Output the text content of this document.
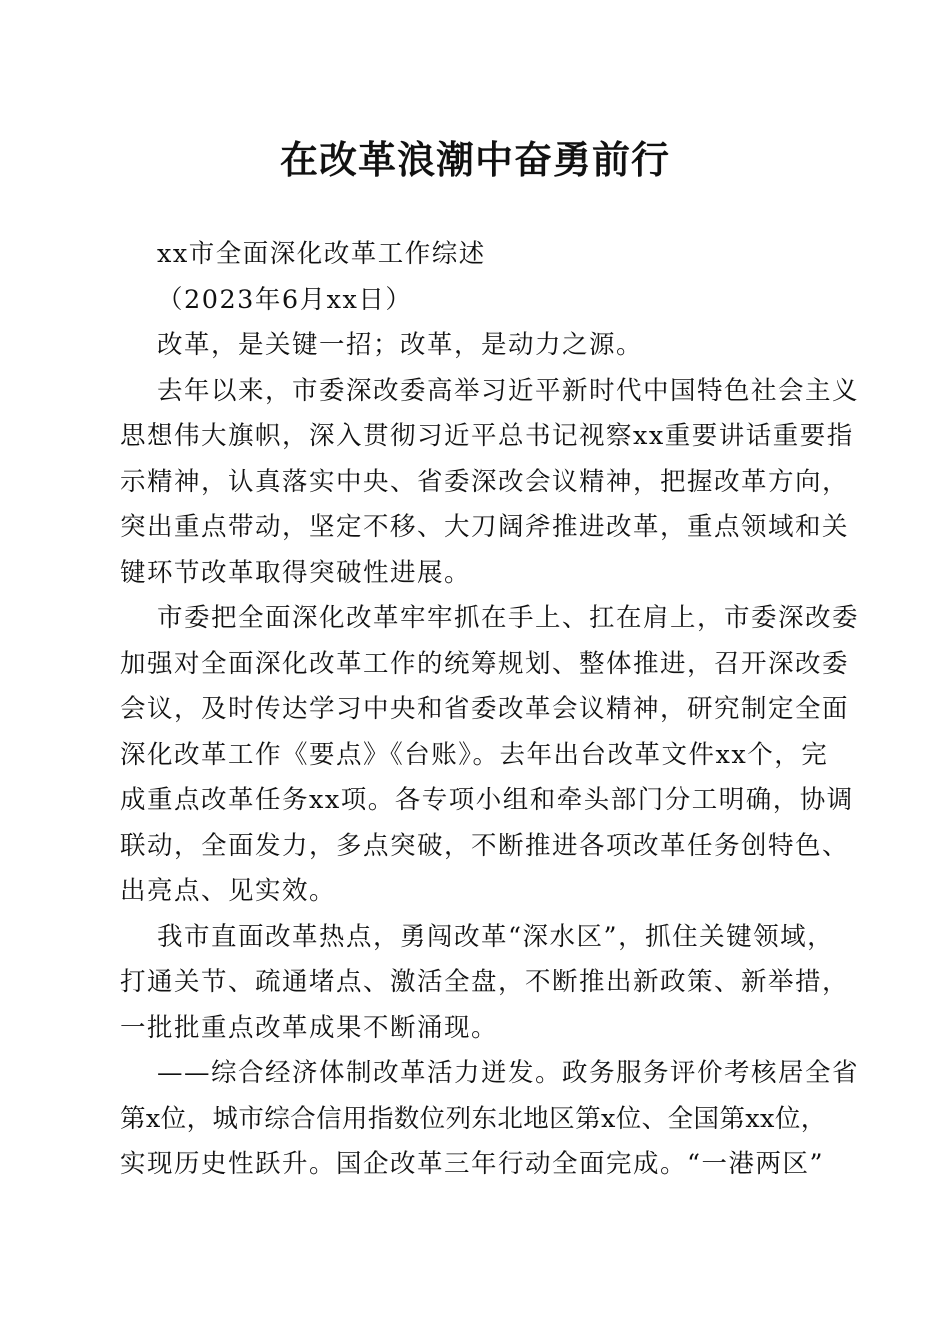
在改革浪潮中奋勇前行
xx市全面深化改革工作综述
（2023年6月xx日）
改革，是关键一招；改革，是动力之源。
去年以来，市委深改委高举习近平新时代中国特色社会主义
思想伟大旗帜，深入贯彻习近平总书记视察xx重要讲话重要指
示精神，认真落实中央、省委深改会议精神，把握改革方向，
突出重点带动，坚定不移、大刀阔斧推进改革，重点领域和关
键环节改革取得突破性进展。
市委把全面深化改革牢牢抓在手上、扛在肩上，市委深改委
加强对全面深化改革工作的统筹规划、整体推进，召开深改委
会议，及时传达学习中央和省委改革会议精神，研究制定全面
深化改革工作《要点》《台账》。去年出台改革文件xx个，完
成重点改革任务xx项。各专项小组和牵头部门分工明确，协调
联动，全面发力，多点突破，不断推进各项改革任务创特色、
出亮点、见实效。
我市直面改革热点，勇闯改革“深水区”，抓住关键领域，
打通关节、疏通堵点、激活全盘，不断推出新政策、新举措，
一批批重点改革成果不断涌现。
——综合经济体制改革活力迸发。政务服务评价考核居全省
第x位，城市综合信用指数位列东北地区第x位、全国第xx位，
实现历史性跃升。国企改革三年行动全面完成。“一港两区”
